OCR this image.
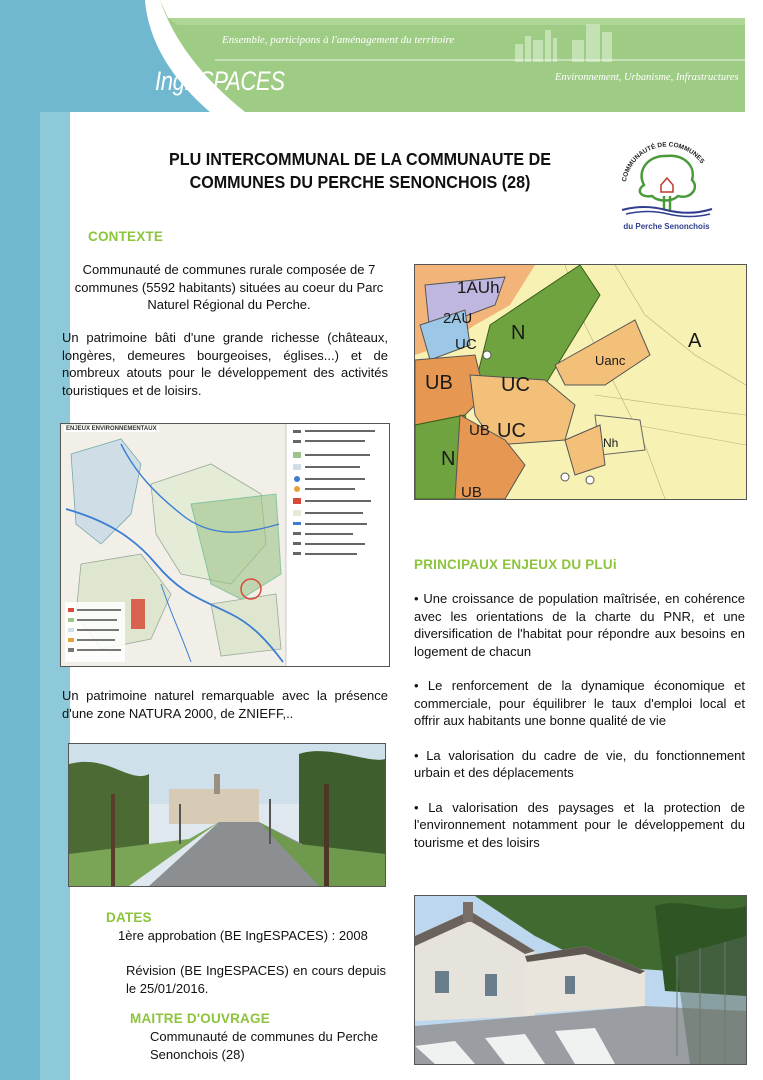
Ensemble, participons à l'aménagement du territoire
IngESPACES	Environnement, Urbanisme, Infrastructures
PLU INTERCOMMUNAL DE LA COMMUNAUTE DE
COMMUNES DU PERCHE SENONCHOIS (28)	COMMUNAUTÉ DE COMMUNES
du Perche Senonchois
CONTEXTE
Communauté de communes rurale composée de 7 communes (5592 habitants) situées au coeur du Parc Naturel Régional du Perche.
Un patrimoine bâti d'une grande richesse (châteaux, longères, demeures bourgeoises, églises...) et de nombreux atouts pour le développement des activités touristiques et de loisirs.
ENJEUX ENVIRONNEMENTAUX
Un patrimoine naturel remarquable avec la présence d'une zone NATURA 2000, de ZNIEFF,..
1AUh
2AU
UC
N	A
Uanc
UB UC
UB UC
N
Nh
UB
PRINCIPAUX ENJEUX DU PLUi
• Une croissance de population maîtrisée, en cohérence avec les orientations de la charte du PNR, et une diversification de l'habitat pour répondre aux besoins en logement de chacun
• Le renforcement de la dynamique économique et commerciale, pour équilibrer le taux d'emploi local et offrir aux habitants une bonne qualité de vie
• La valorisation du cadre de vie, du fonctionnement urbain et des déplacements
• La valorisation des paysages et la protection de l'environnement notamment pour le développement du tourisme et des loisirs
DATES
1ère approbation (BE IngESPACES) : 2008
Révision (BE IngESPACES) en cours depuis le 25/01/2016.
MAITRE D'OUVRAGE
Communauté de communes du Perche Senonchois (28)
